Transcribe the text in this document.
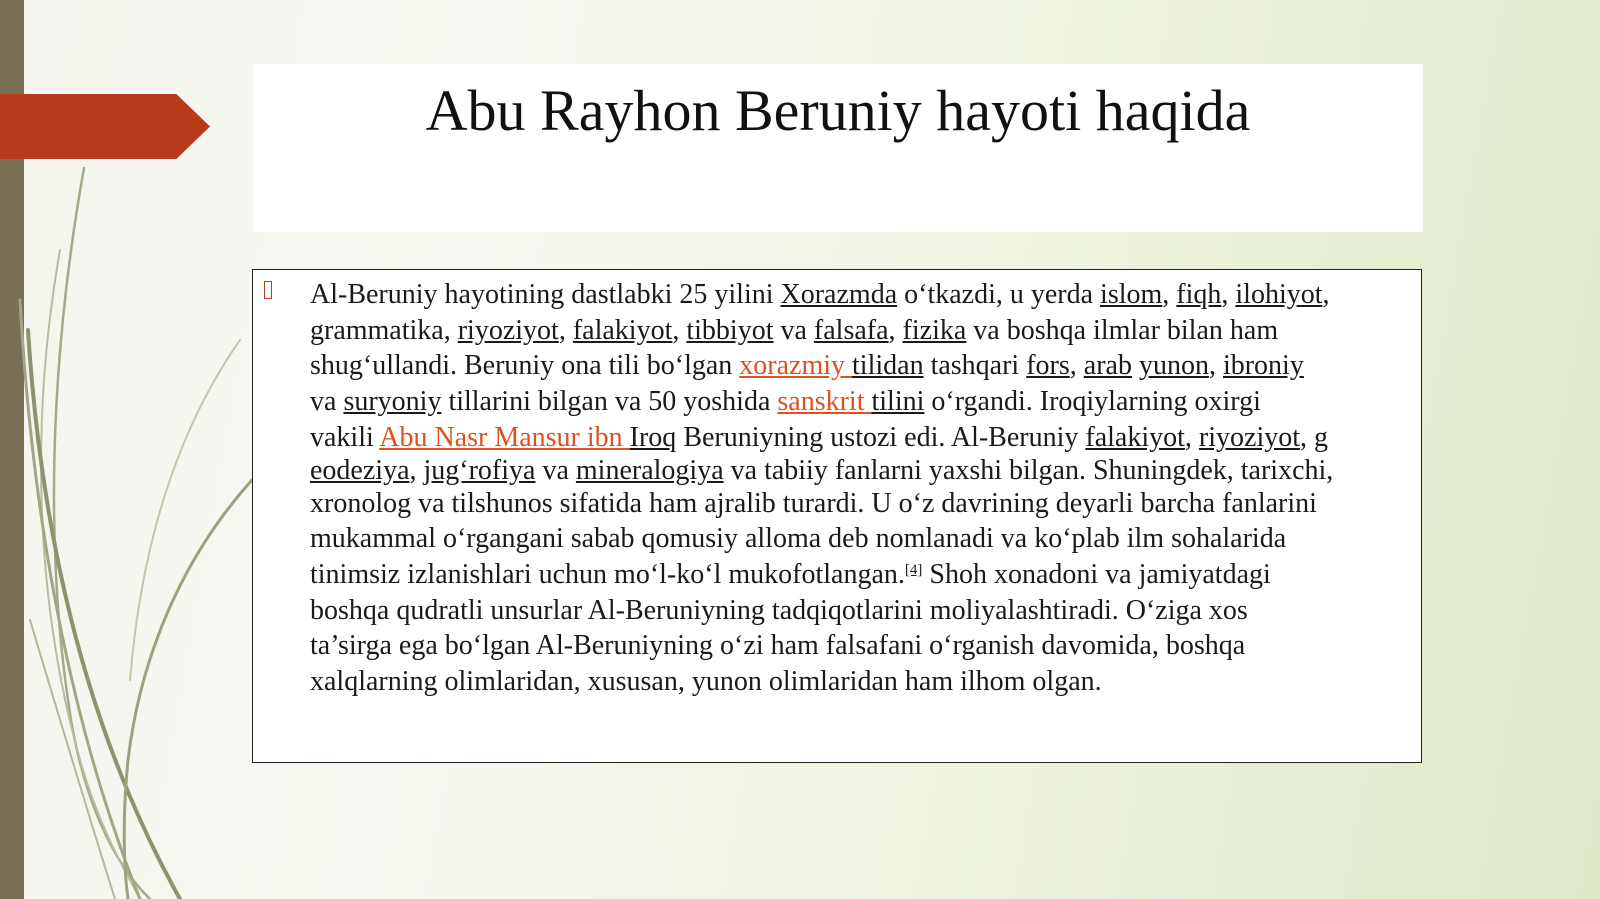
Abu Rayhon Beruniy hayoti haqida

Al-Beruniy hayotining dastlabki 25 yilini Xorazmda o‘tkazdi, u yerda islom, fiqh, ilohiyot,
grammatika, riyoziyot, falakiyot, tibbiyot va falsafa, fizika va boshqa ilmlar bilan ham
shug‘ullandi. Beruniy ona tili bo‘lgan xorazmiy tilidan tashqari fors, arab yunon, ibroniy
va suryoniy tillarini bilgan va 50 yoshida sanskrit tilini o‘rgandi. Iroqiylarning oxirgi
vakili Abu Nasr Mansur ibn Iroq Beruniyning ustozi edi. Al-Beruniy falakiyot, riyoziyot, g
eodeziya, jug‘rofiya va mineralogiya va tabiiy fanlarni yaxshi bilgan. Shuningdek, tarixchi,
xronolog va tilshunos sifatida ham ajralib turardi. U o‘z davrining deyarli barcha fanlarini
mukammal o‘rgangani sabab qomusiy alloma deb nomlanadi va ko‘plab ilm sohalarida
tinimsiz izlanishlari uchun mo‘l-ko‘l mukofotlangan.[4] Shoh xonadoni va jamiyatdagi
boshqa qudratli unsurlar Al-Beruniyning tadqiqotlarini moliyalashtiradi. O‘ziga xos
ta’sirga ega bo‘lgan Al-Beruniyning o‘zi ham falsafani o‘rganish davomida, boshqa
xalqlarning olimlaridan, xususan, yunon olimlaridan ham ilhom olgan.
